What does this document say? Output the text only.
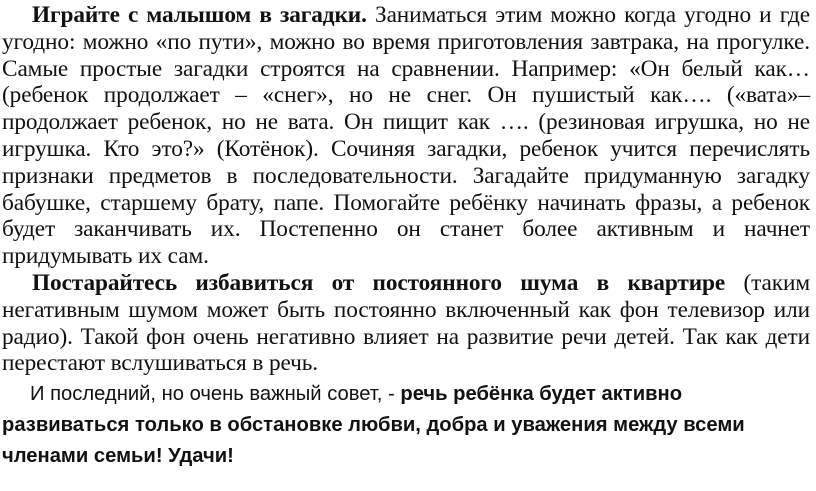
Играйте с малышом в загадки. Заниматься этим можно когда угодно и где угодно: можно «по пути», можно во время приготовления завтрака, на прогулке. Самые простые загадки строятся на сравнении. Например: «Он белый как… (ребенок продолжает – «снег», но не снег. Он пушистый как…. («вата»– продолжает ребенок, но не вата. Он пищит как …. (резиновая игрушка, но не игрушка. Кто это?» (Котёнок). Сочиняя загадки, ребенок учится перечислять признаки предметов в последовательности. Загадайте придуманную загадку бабушке, старшему брату, папе. Помогайте ребёнку начинать фразы, а ребенок будет заканчивать их. Постепенно он станет более активным и начнет придумывать их сам.

Постарайтесь избавиться от постоянного шума в квартире (таким негативным шумом может быть постоянно включенный как фон телевизор или радио). Такой фон очень негативно влияет на развитие речи детей. Так как дети перестают вслушиваться в речь.

И последний, но очень важный совет, - речь ребёнка будет активно развиваться только в обстановке любви, добра и уважения между всеми членами семьи! Удачи!
